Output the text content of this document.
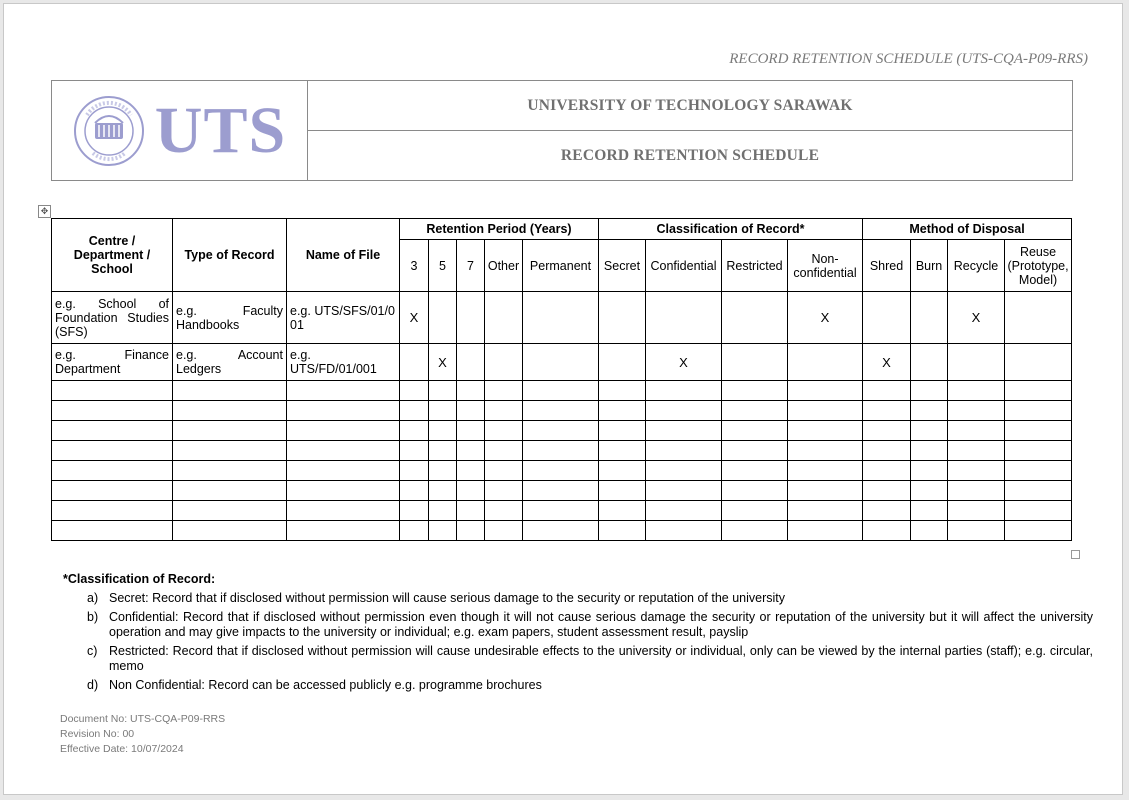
RECORD RETENTION SCHEDULE (UTS-CQA-P09-RRS)
UTS	UNIVERSITY OF TECHNOLOGY SARAWAK
RECORD RETENTION SCHEDULE
✥
Centre / Department / School	Type of Record	Name of File	Retention Period (Years)					Classification of Record*				Method of Disposal			
			3	5	7	Other	Permanent	Secret	Confidential	Restricted	Non-confidential	Shred	Burn	Recycle	Reuse (Prototype, Model)
e.g. School of Foundation Studies (SFS)	e.g. Faculty Handbooks	e.g. UTS/SFS/01/001	X								X			X	
e.g. Finance Department	e.g. Account Ledgers	e.g. UTS/FD/01/001		X					X			X			

*Classification of Record:
a) Secret: Record that if disclosed without permission will cause serious damage to the security or reputation of the university
b) Confidential: Record that if disclosed without permission even though it will not cause serious damage the security or reputation of the university but it will affect the university operation and may give impacts to the university or individual; e.g. exam papers, student assessment result, payslip
c) Restricted: Record that if disclosed without permission will cause undesirable effects to the university or individual, only can be viewed by the internal parties (staff); e.g. circular, memo
d) Non Confidential: Record can be accessed publicly e.g. programme brochures
Document No: UTS-CQA-P09-RRS
Revision No: 00
Effective Date: 10/07/2024
